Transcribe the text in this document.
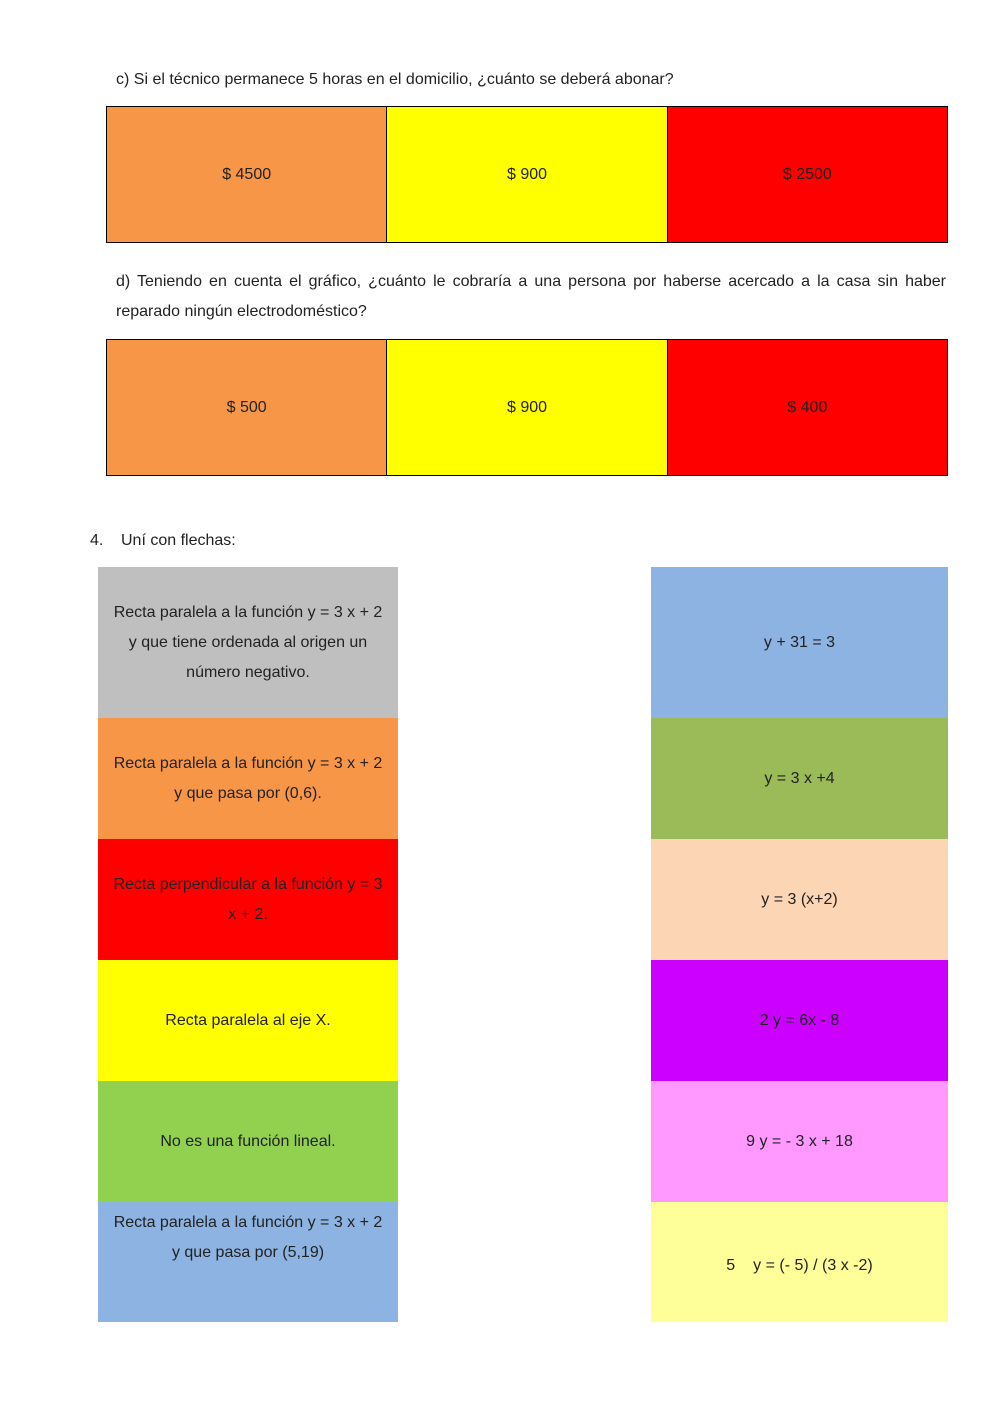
c) Si el técnico permanece 5 horas en el domicilio, ¿cuánto se deberá abonar?
$ 4500	$ 900	$ 2500
d) Teniendo en cuenta el gráfico, ¿cuánto le cobraría a una persona por haberse acercado a la casa sin haber reparado ningún electrodoméstico?
$ 500	$ 900	$ 400
4. Uní con flechas:
Recta paralela a la función y = 3 x + 2 y que tiene ordenada al origen un número negativo.
Recta paralela a la función y = 3 x + 2 y que pasa por (0,6).
Recta perpendicular a la función y = 3 x + 2.
Recta paralela al eje X.
No es una función lineal.
Recta paralela a la función y = 3 x + 2 y que pasa por (5,19)
y + 31 = 3
y = 3 x +4
y = 3 (x+2)
2 y = 6x - 8
9 y = - 3 x + 18
5 y = (- 5) / (3 x -2)
